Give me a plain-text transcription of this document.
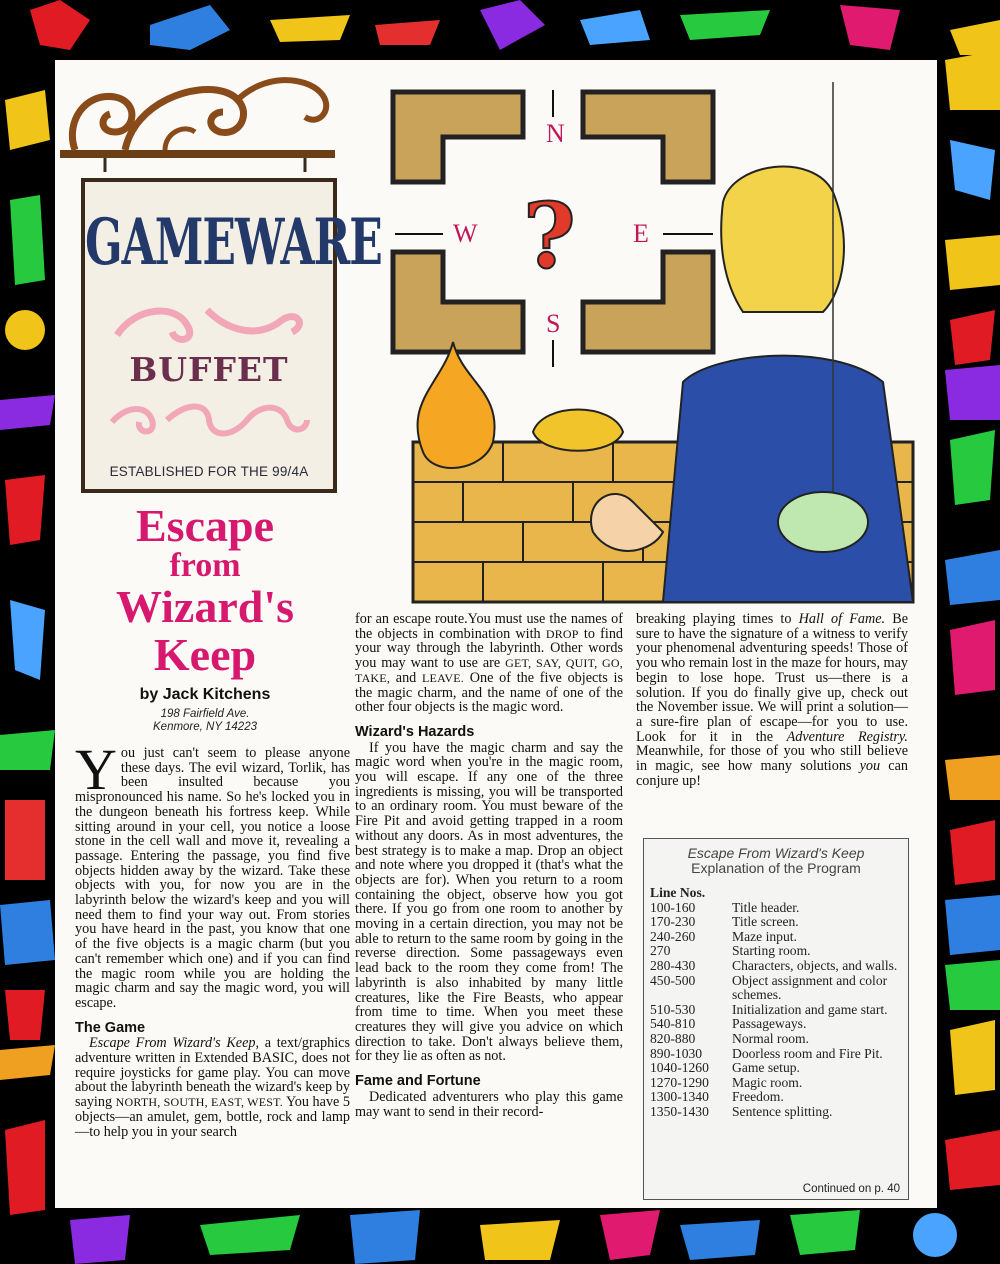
GAMEWARE
BUFFET
ESTABLISHED FOR THE 99/4A
N
S
E
W ?
Escape
from
Wizard's
Keep
by Jack Kitchens
198 Fairfield Ave.
Kenmore, NY 14223

You just can't seem to please anyone these days. The evil wizard, Torlik, has been insulted because you mispronounced his name. So he's locked you in the dungeon beneath his fortress keep. While sitting around in your cell, you notice a loose stone in the cell wall and move it, revealing a passage. Entering the passage, you find five objects hidden away by the wizard. Take these objects with you, for now you are in the labyrinth below the wizard's keep and you will need them to find your way out. From stories you have heard in the past, you know that one of the five objects is a magic charm (but you can't remember which one) and if you can find the magic room while you are holding the magic charm and say the magic word, you will escape.

The Game

Escape From Wizard's Keep, a text/graphics adventure written in Extended BASIC, does not require joysticks for game play. You can move about the labyrinth beneath the wizard's keep by saying NORTH, SOUTH, EAST, WEST. You have 5 objects—an amulet, gem, bottle, rock and lamp—to help you in your search

for an escape route.You must use the names of the objects in combination with DROP to find your way through the labyrinth. Other words you may want to use are GET, SAY, QUIT, GO, TAKE, and LEAVE. One of the five objects is the magic charm, and the name of one of the other four objects is the magic word.

Wizard's Hazards

If you have the magic charm and say the magic word when you're in the magic room, you will escape. If any one of the three ingredients is missing, you will be transported to an ordinary room. You must beware of the Fire Pit and avoid getting trapped in a room without any doors. As in most adventures, the best strategy is to make a map. Drop an object and note where you dropped it (that's what the objects are for). When you return to a room containing the object, observe how you got there. If you go from one room to another by moving in a certain direction, you may not be able to return to the same room by going in the reverse direction. Some passageways even lead back to the room they come from! The labyrinth is also inhabited by many little creatures, like the Fire Beasts, who appear from time to time. When you meet these creatures they will give you advice on which direction to take. Don't always believe them, for they lie as often as not.

Fame and Fortune

Dedicated adventurers who play this game may want to send in their record-

breaking playing times to Hall of Fame. Be sure to have the signature of a witness to verify your phenomenal adventuring speeds! Those of you who remain lost in the maze for hours, may begin to lose hope. Trust us—there is a solution. If you do finally give up, check out the November issue. We will print a solution—a sure-fire plan of escape—for you to use. Look for it in the Adventure Registry. Meanwhile, for those of you who still believe in magic, see how many solutions you can conjure up!

Escape From Wizard's Keep
Explanation of the Program
Line Nos.	
100-160	Title header.
170-230	Title screen.
240-260	Maze input.
270	Starting room.
280-430	Characters, objects, and walls.
450-500	Object assignment and color schemes.
510-530	Initialization and game start.
540-810	Passageways.
820-880	Normal room.
890-1030	Doorless room and Fire Pit.
1040-1260	Game setup.
1270-1290	Magic room.
1300-1340	Freedom.
1350-1430	Sentence splitting.
Continued on p. 40
